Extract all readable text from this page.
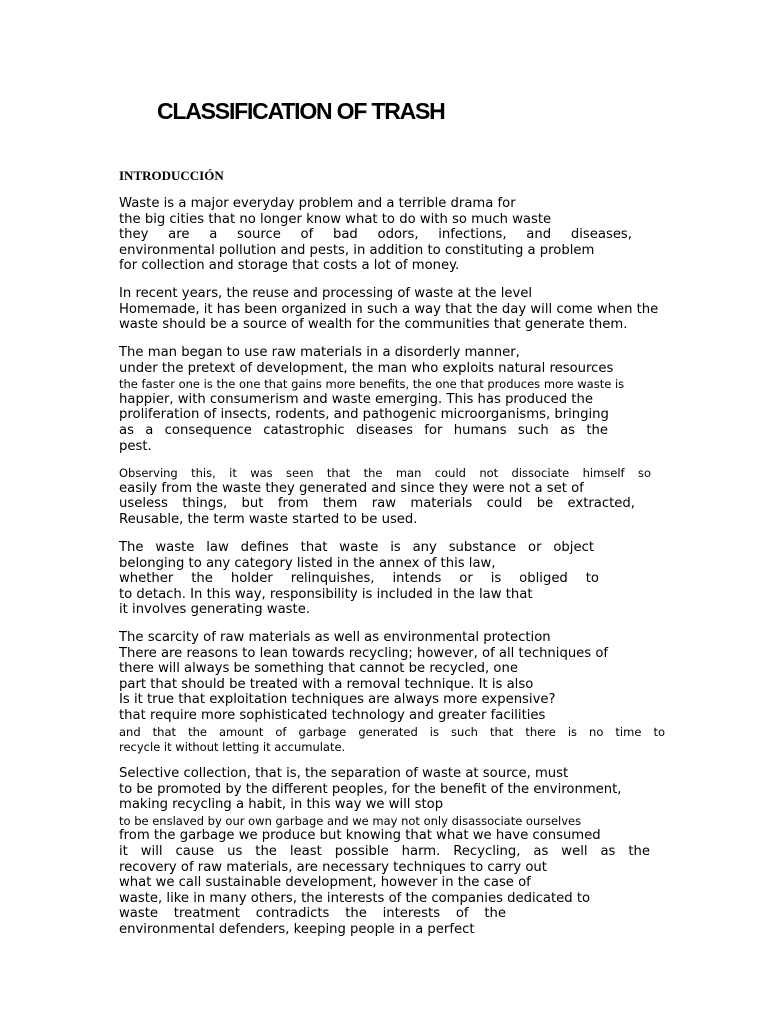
CLASSIFICATION OF TRASH
INTRODUCCIÓN
Waste is a major everyday problem and a terrible drama for
the big cities that no longer know what to do with so much waste
they are a source of bad odors, infections, and diseases,
environmental pollution and pests, in addition to constituting a problem
for collection and storage that costs a lot of money.
In recent years, the reuse and processing of waste at the level
Homemade, it has been organized in such a way that the day will come when the
waste should be a source of wealth for the communities that generate them.
The man began to use raw materials in a disorderly manner,
under the pretext of development, the man who exploits natural resources
the faster one is the one that gains more benefits, the one that produces more waste is
happier, with consumerism and waste emerging. This has produced the
proliferation of insects, rodents, and pathogenic microorganisms, bringing
as a consequence catastrophic diseases for humans such as the
pest.
Observing this, it was seen that the man could not dissociate himself so
easily from the waste they generated and since they were not a set of
useless things, but from them raw materials could be extracted,
Reusable, the term waste started to be used.
The waste law defines that waste is any substance or object
belonging to any category listed in the annex of this law,
whether the holder relinquishes, intends or is obliged to
to detach. In this way, responsibility is included in the law that
it involves generating waste.
The scarcity of raw materials as well as environmental protection
There are reasons to lean towards recycling; however, of all techniques of
there will always be something that cannot be recycled, one
part that should be treated with a removal technique. It is also
Is it true that exploitation techniques are always more expensive?
that require more sophisticated technology and greater facilities
and that the amount of garbage generated is such that there is no time to
recycle it without letting it accumulate.
Selective collection, that is, the separation of waste at source, must
to be promoted by the different peoples, for the benefit of the environment,
making recycling a habit, in this way we will stop
to be enslaved by our own garbage and we may not only disassociate ourselves
from the garbage we produce but knowing that what we have consumed
it will cause us the least possible harm. Recycling, as well as the
recovery of raw materials, are necessary techniques to carry out
what we call sustainable development, however in the case of
waste, like in many others, the interests of the companies dedicated to
waste treatment contradicts the interests of the
environmental defenders, keeping people in a perfect
